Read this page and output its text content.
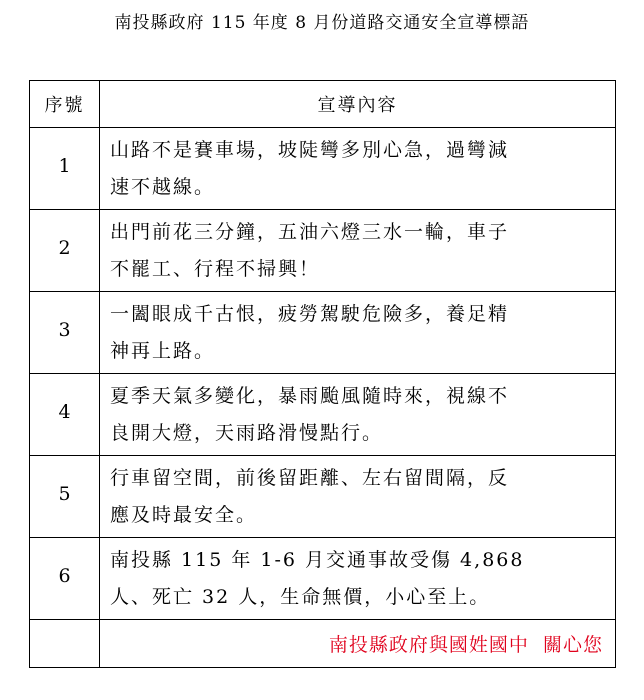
南投縣政府 115 年度 8 月份道路交通安全宣導標語
序號	宣導內容
1	山路不是賽車場，坡陡彎多別心急，過彎減
速不越線。

2	出門前花三分鐘，五油六燈三水一輪，車子
不罷工、行程不掃興！

3	一闔眼成千古恨，疲勞駕駛危險多，養足精
神再上路。

4	夏季天氣多變化，暴雨颱風隨時來，視線不
良開大燈，天雨路滑慢點行。

5	行車留空間，前後留距離、左右留間隔，反
應及時最安全。

6	南投縣 115 年 1-6 月交通事故受傷 4,868
人、死亡 32 人，生命無價，小心至上。

	南投縣政府與國姓國中  關心您
